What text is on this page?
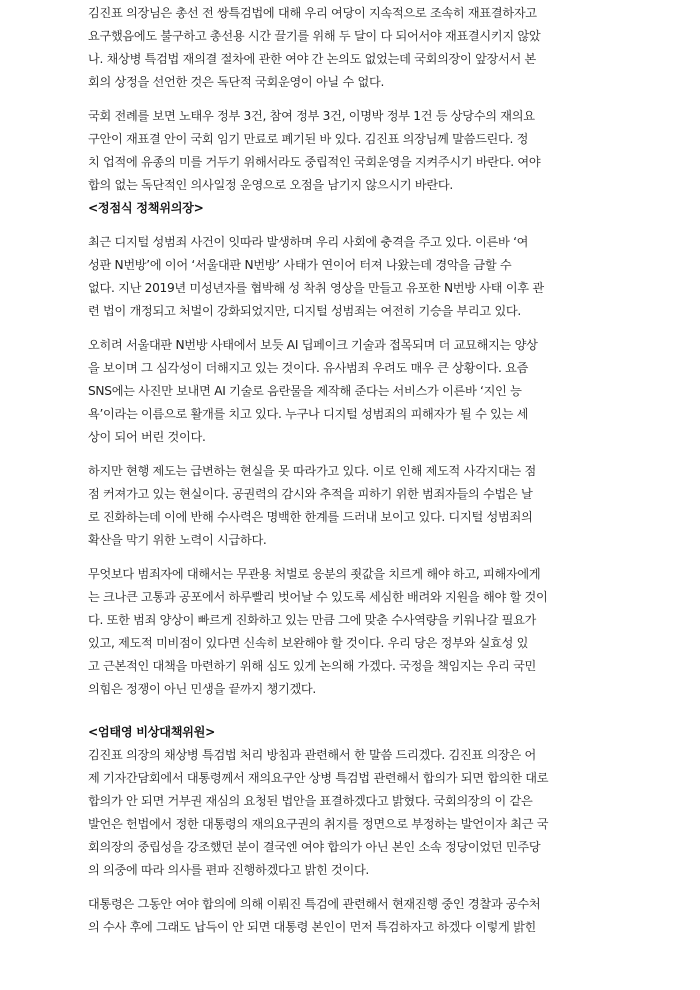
김진표 의장님은 총선 전 쌍특검법에 대해 우리 여당이 지속적으로 조속히 재표결하자고
요구했음에도 불구하고 총선용 시간 끌기를 위해 두 달이 다 되어서야 재표결시키지 않았
나. 채상병 특검법 재의결 절차에 관한 여야 간 논의도 없었는데 국회의장이 앞장서서 본
회의 상정을 선언한 것은 독단적 국회운영이 아닐 수 없다.
국회 전례를 보면 노태우 정부 3건, 참여 정부 3건, 이명박 정부 1건 등 상당수의 재의요
구안이 재표결 안이 국회 임기 만료로 폐기된 바 있다. 김진표 의장님께 말씀드린다. 정
치 업적에 유종의 미를 거두기 위해서라도 중립적인 국회운영을 지켜주시기 바란다. 여야
합의 없는 독단적인 의사일정 운영으로 오점을 남기지 않으시기 바란다.
<정점식 정책위의장>
최근 디지털 성범죄 사건이 잇따라 발생하며 우리 사회에 충격을 주고 있다. 이른바 ‘여
성판 N번방’에 이어 ‘서울대판 N번방’ 사태가 연이어 터져 나왔는데 경악을 금할 수
없다. 지난 2019년 미성년자를 협박해 성 착취 영상을 만들고 유포한 N번방 사태 이후 관
련 법이 개정되고 처벌이 강화되었지만, 디지털 성범죄는 여전히 기승을 부리고 있다.
오히려 서울대판 N번방 사태에서 보듯 AI 딥페이크 기술과 접목되며 더 교묘해지는 양상
을 보이며 그 심각성이 더해지고 있는 것이다. 유사범죄 우려도 매우 큰 상황이다. 요즘
SNS에는 사진만 보내면 AI 기술로 음란물을 제작해 준다는 서비스가 이른바 ‘지인 능
욕’이라는 이름으로 활개를 치고 있다. 누구나 디지털 성범죄의 피해자가 될 수 있는 세
상이 되어 버린 것이다.
하지만 현행 제도는 급변하는 현실을 못 따라가고 있다. 이로 인해 제도적 사각지대는 점
점 커져가고 있는 현실이다. 공권력의 감시와 추적을 피하기 위한 범죄자들의 수법은 날
로 진화하는데 이에 반해 수사력은 명백한 한계를 드러내 보이고 있다. 디지털 성범죄의
확산을 막기 위한 노력이 시급하다.
무엇보다 범죄자에 대해서는 무관용 처벌로 응분의 죗값을 치르게 해야 하고, 피해자에게
는 크나큰 고통과 공포에서 하루빨리 벗어날 수 있도록 세심한 배려와 지원을 해야 할 것이
다. 또한 범죄 양상이 빠르게 진화하고 있는 만큼 그에 맞춘 수사역량을 키워나갈 필요가
있고, 제도적 미비점이 있다면 신속히 보완해야 할 것이다. 우리 당은 정부와 실효성 있
고 근본적인 대책을 마련하기 위해 심도 있게 논의해 가겠다. 국정을 책임지는 우리 국민
의힘은 정쟁이 아닌 민생을 끝까지 챙기겠다.
<엄태영 비상대책위원>
김진표 의장의 채상병 특검법 처리 방침과 관련해서 한 말씀 드리겠다. 김진표 의장은 어
제 기자간담회에서 대통령께서 재의요구안 상병 특검법 관련해서 합의가 되면 합의한 대로
합의가 안 되면 거부권 재심의 요청된 법안을 표결하겠다고 밝혔다. 국회의장의 이 같은
발언은 헌법에서 정한 대통령의 재의요구권의 취지를 정면으로 부정하는 발언이자 최근 국
회의장의 중립성을 강조했던 분이 결국엔 여야 합의가 아닌 본인 소속 정당이었던 민주당
의 의중에 따라 의사를 편파 진행하겠다고 밝힌 것이다.
대통령은 그동안 여야 합의에 의해 이뤄진 특검에 관련해서 현재진행 중인 경찰과 공수처
의 수사 후에 그래도 납득이 안 되면 대통령 본인이 먼저 특검하자고 하겠다 이렇게 밝힌
